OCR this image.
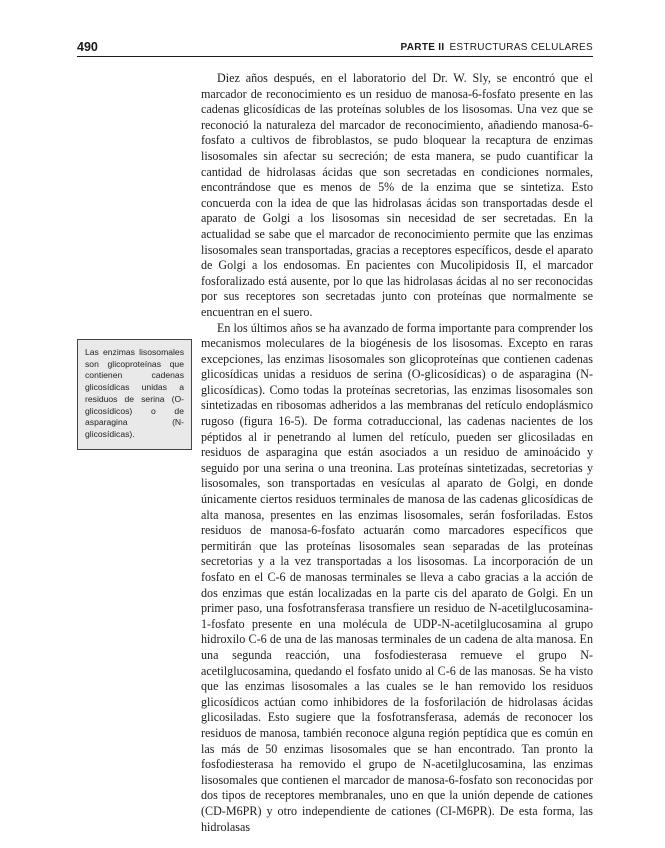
490	PARTE II ESTRUCTURAS CELULARES

Las enzimas lisosomales son glicoproteínas que contienen cadenas glicosídicas unidas a residuos de serina (O-glicosídicos) o de asparagina (N-glicosídicas).

Diez años después, en el laboratorio del Dr. W. Sly, se encontró que el marcador de reconocimiento es un residuo de manosa-6-fosfato presente en las cadenas glicosídicas de las proteínas solubles de los lisosomas. Una vez que se reconoció la naturaleza del marcador de reconocimiento, añadiendo manosa-6-fosfato a cultivos de fibroblastos, se pudo bloquear la recaptura de enzimas lisosomales sin afectar su secreción; de esta manera, se pudo cuantificar la cantidad de hidrolasas ácidas que son secretadas en condiciones normales, encontrándose que es menos de 5% de la enzima que se sintetiza. Esto concuerda con la idea de que las hidrolasas ácidas son transportadas desde el aparato de Golgi a los lisosomas sin necesidad de ser secretadas. En la actualidad se sabe que el marcador de reconocimiento permite que las enzimas lisosomales sean transportadas, gracias a receptores específicos, desde el aparato de Golgi a los endosomas. En pacientes con Mucolipidosis II, el marcador fosforalizado está ausente, por lo que las hidrolasas ácidas al no ser reconocidas por sus receptores son secretadas junto con proteínas que normalmente se encuentran en el suero.

En los últimos años se ha avanzado de forma importante para comprender los mecanismos moleculares de la biogénesis de los lisosomas. Excepto en raras excepciones, las enzimas lisosomales son glicoproteínas que contienen cadenas glicosídicas unidas a residuos de serina (O-glicosídicas) o de asparagina (N-glicosídicas). Como todas la proteínas secretorias, las enzimas lisosomales son sintetizadas en ribosomas adheridos a las membranas del retículo endoplásmico rugoso (figura 16-5). De forma cotraduccional, las cadenas nacientes de los péptidos al ir penetrando al lumen del retículo, pueden ser glicosiladas en residuos de asparagina que están asociados a un residuo de aminoácido y seguido por una serina o una treonina. Las proteínas sintetizadas, secretorias y lisosomales, son transportadas en vesículas al aparato de Golgi, en donde únicamente ciertos residuos terminales de manosa de las cadenas glicosídicas de alta manosa, presentes en las enzimas lisosomales, serán fosforiladas. Estos residuos de manosa-6-fosfato actuarán como marcadores específicos que permitirán que las proteínas lisosomales sean separadas de las proteínas secretorias y a la vez transportadas a los lisosomas. La incorporación de un fosfato en el C-6 de manosas terminales se lleva a cabo gracias a la acción de dos enzimas que están localizadas en la parte cis del aparato de Golgi. En un primer paso, una fosfotransferasa transfiere un residuo de N-acetilglucosamina-1-fosfato presente en una molécula de UDP-N-acetilglucosamina al grupo hidroxilo C-6 de una de las manosas terminales de un cadena de alta manosa. En una segunda reacción, una fosfodiesterasa remueve el grupo N-acetilglucosamina, quedando el fosfato unido al C-6 de las manosas. Se ha visto que las enzimas lisosomales a las cuales se le han removido los residuos glicosídicos actúan como inhibidores de la fosforilación de hidrolasas ácidas glicosiladas. Esto sugiere que la fosfotransferasa, además de reconocer los residuos de manosa, también reconoce alguna región peptídica que es común en las más de 50 enzimas lisosomales que se han encontrado. Tan pronto la fosfodiesterasa ha removido el grupo de N-acetilglucosamina, las enzimas lisosomales que contienen el marcador de manosa-6-fosfato son reconocidas por dos tipos de receptores membranales, uno en que la unión depende de cationes (CD-M6PR) y otro independiente de cationes (CI-M6PR). De esta forma, las hidrolasas
